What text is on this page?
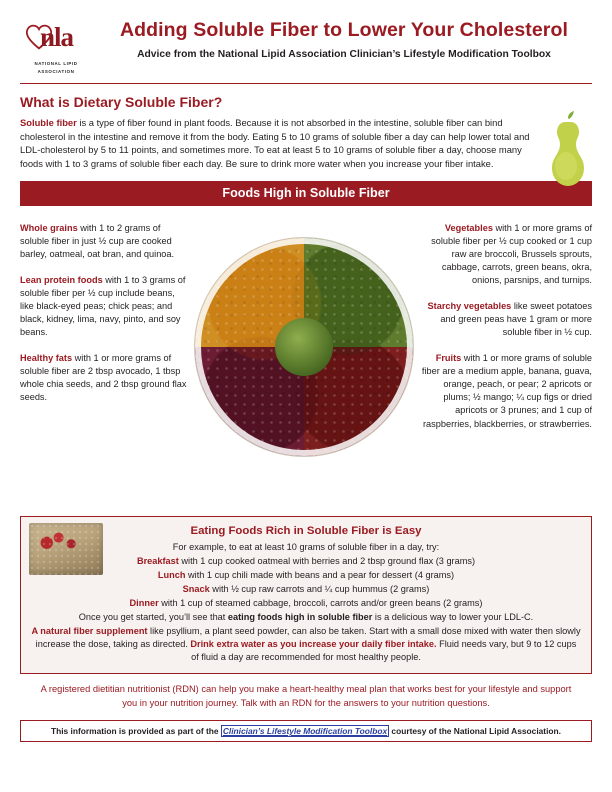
nla
NATIONAL LIPID
ASSOCIATION
Adding Soluble Fiber to Lower Your Cholesterol
Advice from the National Lipid Association Clinician’s Lifestyle Modification Toolbox
What is Dietary Soluble Fiber?
Soluble fiber is a type of fiber found in plant foods. Because it is not absorbed in the intestine, soluble fiber can bind cholesterol in the intestine and remove it from the body. Eating 5 to 10 grams of soluble fiber a day can help lower total and LDL-cholesterol by 5 to 11 points, and sometimes more. To eat at least 5 to 10 grams of soluble fiber a day, choose many foods with 1 to 3 grams of soluble fiber each day. Be sure to drink more water when you increase your fiber intake.
Foods High in Soluble Fiber
Whole grains with 1 to 2 grams of soluble fiber in just ½ cup are cooked barley, oatmeal, oat bran, and quinoa.
Lean protein foods with 1 to 3 grams of soluble fiber per ½ cup include beans, like black-eyed peas; chick peas; and black, kidney, lima, navy, pinto, and soy beans.
Healthy fats with 1 or more grams of soluble fiber are 2 tbsp avocado, 1 tbsp whole chia seeds, and 2 tbsp ground flax seeds.
Vegetables with 1 or more grams of soluble fiber per ½ cup cooked or 1 cup raw are broccoli, Brussels sprouts, cabbage, carrots, green beans, okra, onions, parsnips, and turnips.
Starchy vegetables like sweet potatoes and green peas have 1 gram or more soluble fiber in ½ cup.
Fruits with 1 or more grams of soluble fiber are a medium apple, banana, guava, orange, peach, or pear; 2 apricots or plums; ½ mango; ¼ cup figs or dried apricots or 3 prunes; and 1 cup of raspberries, blackberries, or strawberries.
Eating Foods Rich in Soluble Fiber is Easy

For example, to eat at least 10 grams of soluble fiber in a day, try:

Breakfast with 1 cup cooked oatmeal with berries and 2 tbsp ground flax (3 grams)

Lunch with 1 cup chili made with beans and a pear for dessert (4 grams)

Snack with ½ cup raw carrots and ¼ cup hummus (2 grams)

Dinner with 1 cup of steamed cabbage, broccoli, carrots and/or green beans (2 grams)

Once you get started, you’ll see that eating foods high in soluble fiber is a delicious way to lower your LDL-C.

A natural fiber supplement like psyllium, a plant seed powder, can also be taken. Start with a small dose mixed with water then slowly increase the dose, taking as directed. Drink extra water as you increase your daily fiber intake. Fluid needs vary, but 9 to 12 cups of fluid a day are recommended for most healthy people.

A registered dietitian nutritionist (RDN) can help you make a heart-healthy meal plan that works best for your lifestyle and support you in your nutrition journey. Talk with an RDN for the answers to your nutrition questions.
This information is provided as part of the Clinician’s Lifestyle Modification Toolbox courtesy of the National Lipid Association.
